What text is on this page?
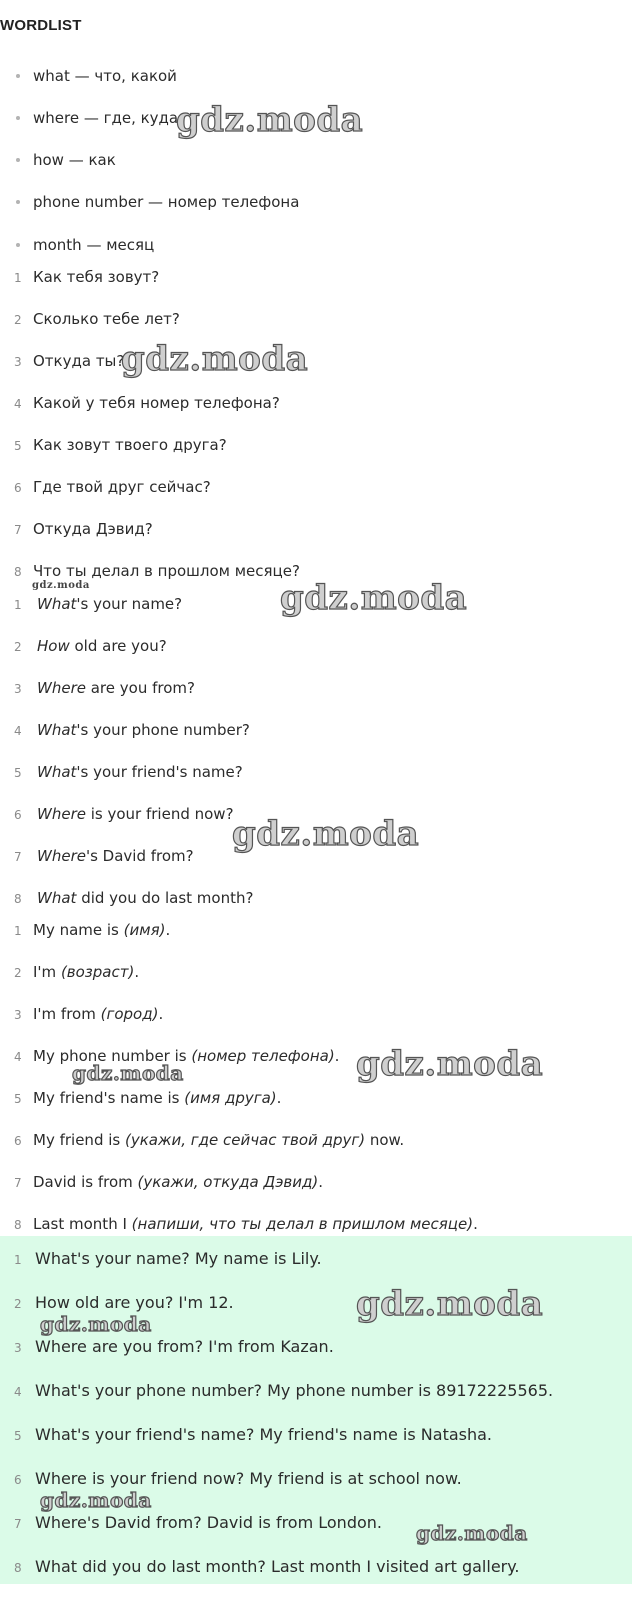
WORDLIST
what — что, какой
where — где, куда
how — как
phone number — номер телефона
month — месяц
1 Как тебя зовут?
2 Сколько тебе лет?
3 Откуда ты?
4 Какой у тебя номер телефона?
5 Как зовут твоего друга?
6 Где твой друг сейчас?
7 Откуда Дэвид?
8 Что ты делал в прошлом месяце?
1 What's your name?
2 How old are you?
3 Where are you from?
4 What's your phone number?
5 What's your friend's name?
6 Where is your friend now?
7 Where's David from?
8 What did you do last month?
1 My name is (имя).
2 I'm (возраст).
3 I'm from (город).
4 My phone number is (номер телефона).
5 My friend's name is (имя друга).
6 My friend is (укажи, где сейчас твой друг) now.
7 David is from (укажи, откуда Дэвид).
8 Last month I (напиши, что ты делал в пришлом месяце).
1 What's your name? My name is Lily.
2 How old are you? I'm 12.
3 Where are you from? I'm from Kazan.
4 What's your phone number? My phone number is 89172225565.
5 What's your friend's name? My friend's name is Natasha.
6 Where is your friend now? My friend is at school now.
7 Where's David from? David is from London.
8 What did you do last month? Last month I visited art gallery.
gdz.moda
gdz.moda
gdz.moda	gdz.moda
gdz.moda
gdz.moda	gdz.moda
gdz.moda
gdz.moda
gdz.moda
gdz.moda
